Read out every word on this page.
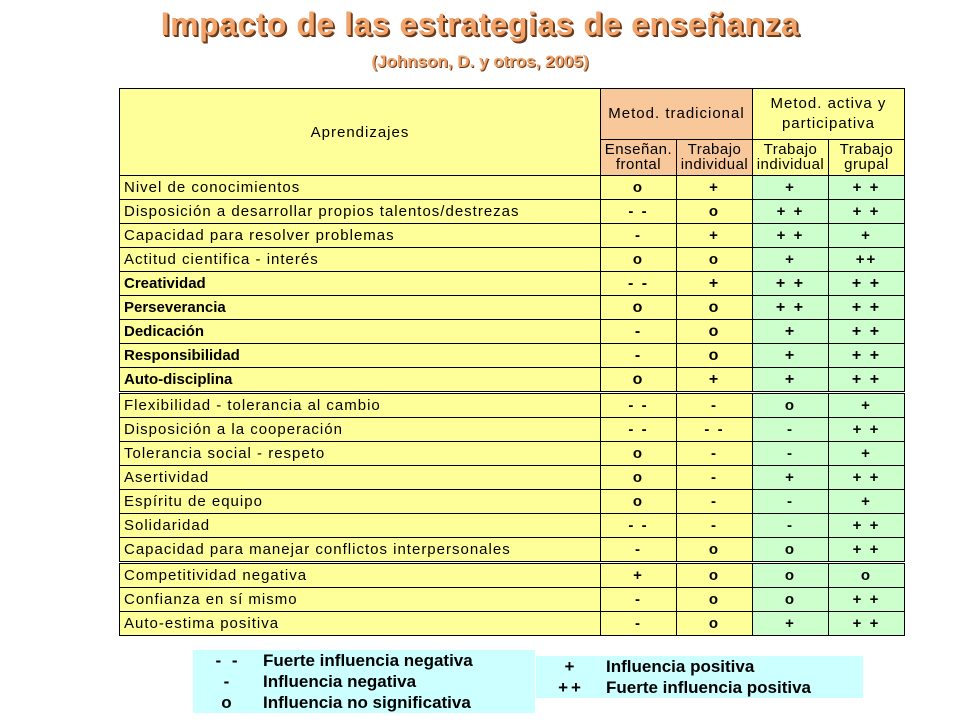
Impacto de las estrategias de enseñanza
(Johnson, D. y otros, 2005)
Aprendizajes	Metod. tradicional		Metod. activa y participativa	
	Enseñan. frontal	Trabajo individual	Trabajo individual	Trabajo grupal
Nivel de conocimientos	o	+	+	+ +
Disposición a desarrollar propios talentos/destrezas	- -	o	+ +	+ +
Capacidad para resolver problemas	-	+	+ +	+
Actitud cientifica - interés	o	o	+	++
Creatividad	- -	+	+ +	+ +
Perseverancia	o	o	+ +	+ +
Dedicación	-	o	+	+ +
Responsibilidad	-	o	+	+ +
Auto-disciplina	o	+	+	+ +
Flexibilidad - tolerancia al cambio	- -	-	o	+
Disposición a la cooperación	- -	- -	-	+ +
Tolerancia social - respeto	o	-	-	+
Asertividad	o	-	+	+ +
Espíritu de equipo	o	-	-	+
Solidaridad	- -	-	-	+ +
Capacidad para manejar conflictos interpersonales	-	o	o	+ +
Competitividad negativa	+	o	o	o
Confianza en sí mismo	-	o	o	+ +
Auto-estima positiva	-	o	+	+ +
- -	Fuerte influencia negativa
-	Influencia negativa
o	Influencia no significativa
+	Influencia positiva
++	Fuerte influencia positiva
